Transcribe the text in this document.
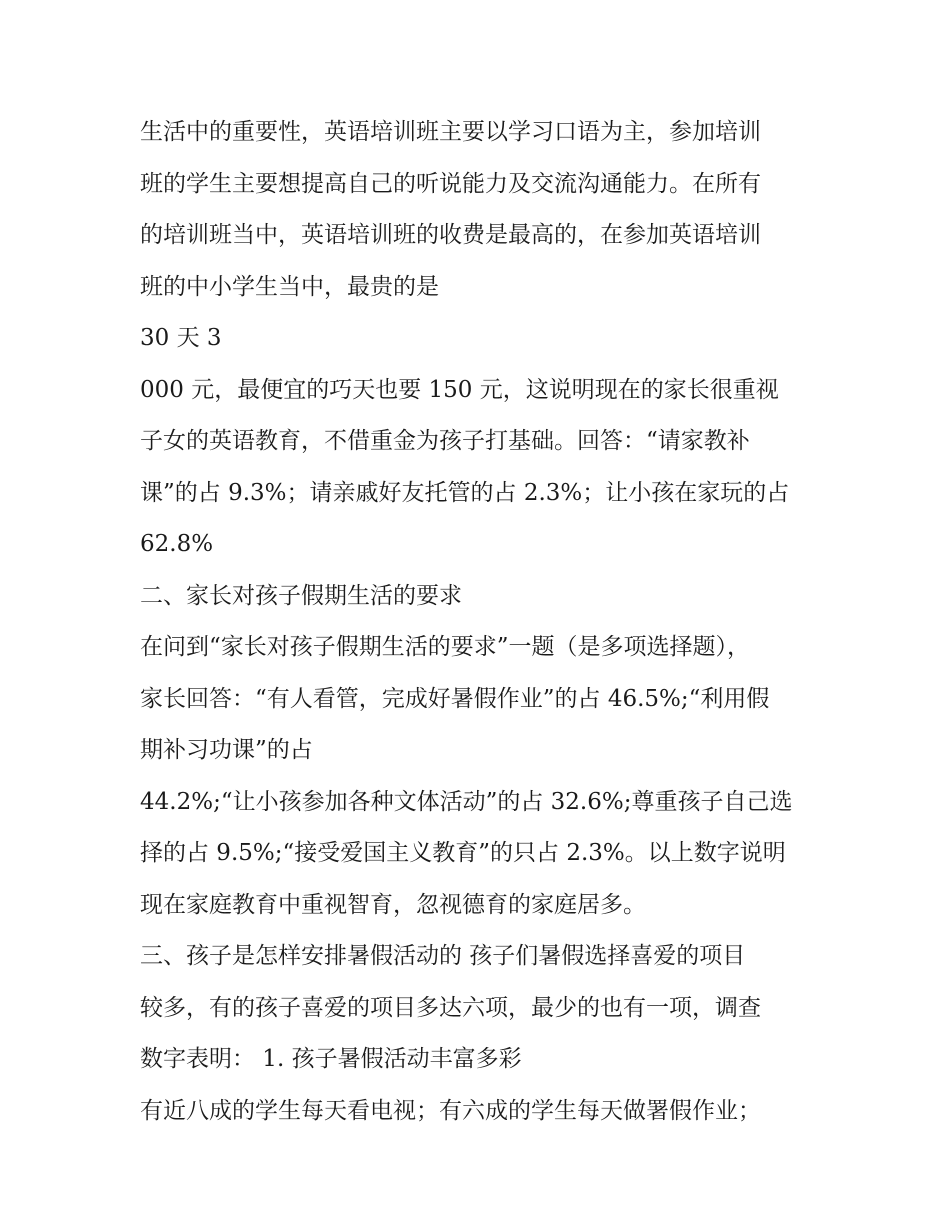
生活中的重要性，英语培训班主要以学习口语为主，参加培训
班的学生主要想提高自己的听说能力及交流沟通能力。在所有
的培训班当中，英语培训班的收费是最高的，在参加英语培训
班的中小学生当中，最贵的是
30 天 3
000 元，最便宜的巧天也要 150 元，这说明现在的家长很重视
子女的英语教育，不借重金为孩子打基础。回答：“请家教补
课”的占 9.3%；请亲戚好友托管的占 2.3%；让小孩在家玩的占
62.8%
二、家长对孩子假期生活的要求
在问到“家长对孩子假期生活的要求”一题（是多项选择题），
家长回答：“有人看管，完成好暑假作业”的占 46.5%;“利用假
期补习功课”的占
44.2%;“让小孩参加各种文体活动”的占 32.6%;尊重孩子自己选
择的占 9.5%;“接受爱国主义教育”的只占 2.3%。以上数字说明
现在家庭教育中重视智育，忽视德育的家庭居多。
三、孩子是怎样安排暑假活动的 孩子们暑假选择喜爱的项目
较多，有的孩子喜爱的项目多达六项，最少的也有一项，调查
数字表明： 1. 孩子暑假活动丰富多彩
有近八成的学生每天看电视；有六成的学生每天做署假作业；
